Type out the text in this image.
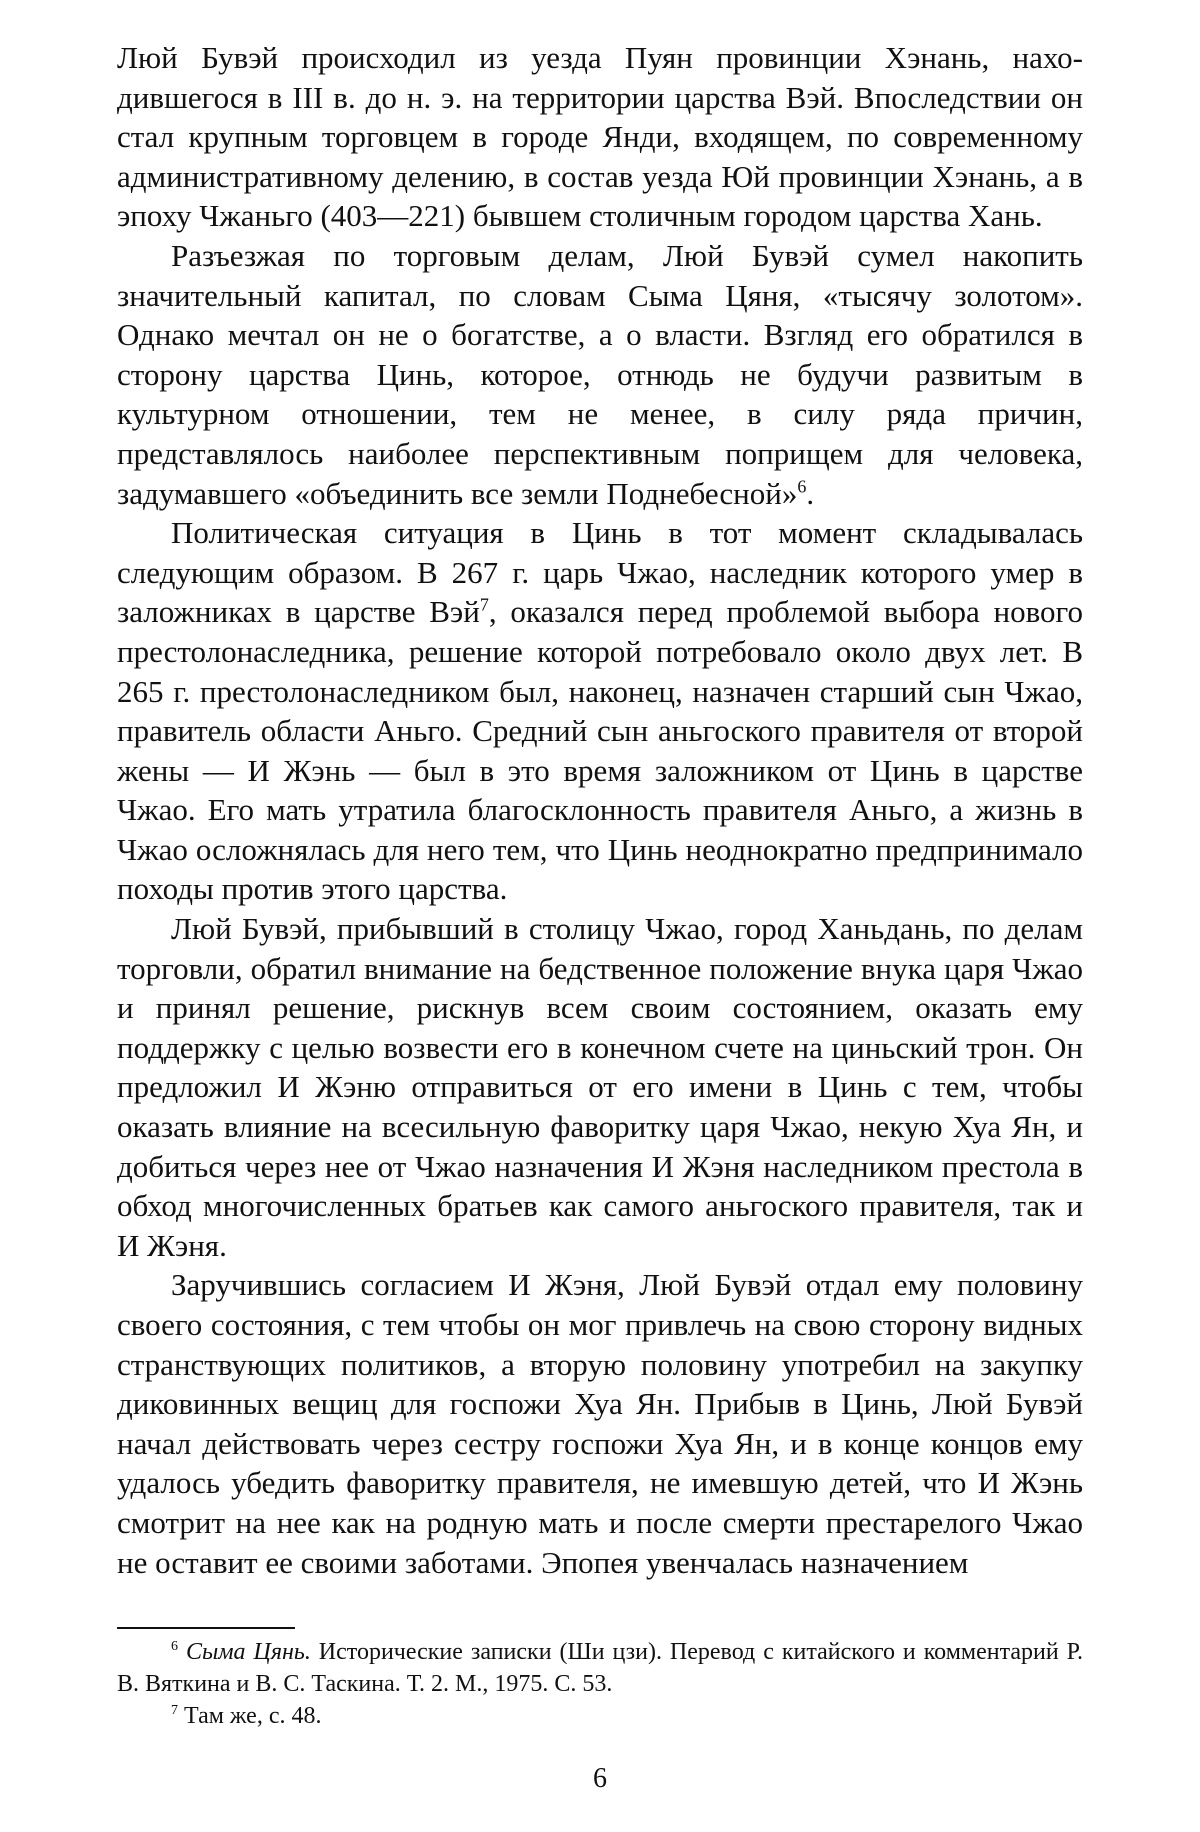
Люй Бувэй происходил из уезда Пуян провинции Хэнань, находившегося в III в. до н. э. на территории царства Вэй. Впоследствии он стал крупным торговцем в городе Янди, входящем, по современному административному делению, в состав уезда Юй провинции Хэнань, а в эпоху Чжаньго (403—221) бывшем столичным городом царства Хань.

Разъезжая по торговым делам, Люй Бувэй сумел накопить значительный капитал, по словам Сыма Цяня, «тысячу золотом». Однако мечтал он не о богатстве, а о власти. Взгляд его обратился в сторону царства Цинь, которое, отнюдь не будучи развитым в культурном отношении, тем не менее, в силу ряда причин, представлялось наиболее перспективным поприщем для человека, задумавшего «объединить все земли Поднебесной»$^6$.

Политическая ситуация в Цинь в тот момент складывалась следующим образом. В 267 г. царь Чжао, наследник которого умер в заложниках в царстве Вэй$^7$, оказался перед проблемой выбора нового престолонаследника, решение которой потребовало около двух лет. В 265 г. престолонаследником был, наконец, назначен старший сын Чжао, правитель области Аньго. Средний сын аньгоского правителя от второй жены — И Жэнь — был в это время заложником от Цинь в царстве Чжао. Его мать утратила благосклонность правителя Аньго, а жизнь в Чжао осложнялась для него тем, что Цинь неоднократно предпринимало походы против этого царства.

Люй Бувэй, прибывший в столицу Чжао, город Ханьдань, по делам торговли, обратил внимание на бедственное положение внука царя Чжао и принял решение, рискнув всем своим состоянием, оказать ему поддержку с целью возвести его в конечном счете на циньский трон. Он предложил И Жэню отправиться от его имени в Цинь с тем, чтобы оказать влияние на всесильную фаворитку царя Чжао, некую Хуа Ян, и добиться через нее от Чжао назначения И Жэня наследником престола в обход многочисленных братьев как самого аньгоского правителя, так и И Жэня.

Заручившись согласием И Жэня, Люй Бувэй отдал ему половину своего состояния, с тем чтобы он мог привлечь на свою сторону видных странствующих политиков, а вторую половину употребил на закупку диковинных вещиц для госпожи Хуа Ян. Прибыв в Цинь, Люй Бувэй начал действовать через сестру госпожи Хуа Ян, и в конце концов ему удалось убедить фаворитку правителя, не имевшую детей, что И Жэнь смотрит на нее как на родную мать и после смерти престарелого Чжао не оставит ее своими заботами. Эпопея увенчалась назначением

$^6$ Сыма Цянь. Исторические записки (Ши цзи). Перевод с китайского и комментарий Р. В. Вяткина и В. С. Таскина. Т. 2. М., 1975. С. 53.

$^7$ Там же, с. 48.

6
